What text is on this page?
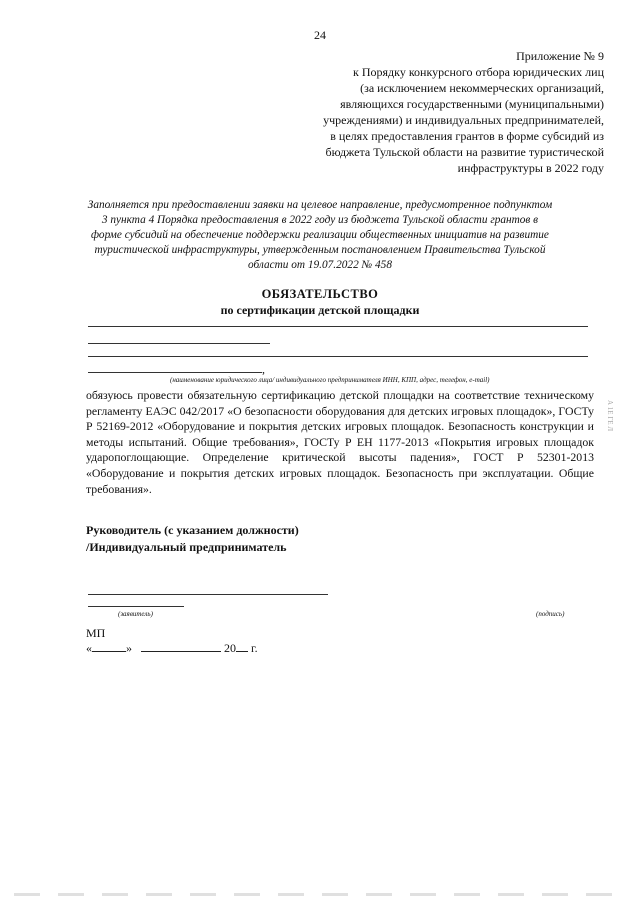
24
Приложение № 9
к Порядку конкурсного отбора юридических лиц
(за исключением некоммерческих организаций,
являющихся государственными (муниципальными)
учреждениями) и индивидуальных предпринимателей,
в целях предоставления грантов в форме субсидий из
бюджета Тульской области на развитие туристической
инфраструктуры в 2022 году
Заполняется при предоставлении заявки на целевое направление, предусмотренное подпунктом 3 пункта 4 Порядка предоставления в 2022 году из бюджета Тульской области грантов в форме субсидий на обеспечение поддержки реализации общественных инициатив на развитие туристической инфраструктуры, утвержденным постановлением Правительства Тульской области от 19.07.2022 № 458
ОБЯЗАТЕЛЬСТВО
по сертификации детской площадки
,
(наименование юридического лица/ индивидуального предпринимателя ИНН, КПП, адрес, телефон, e-mail)
обязуюсь провести обязательную сертификацию детской площадки на соответствие техническому регламенту ЕАЭС 042/2017 «О безопасности оборудования для детских игровых площадок», ГОСТу Р 52169-2012 «Оборудование и покрытия детских игровых площадок. Безопасность конструкции и методы испытаний. Общие требования», ГОСТу Р ЕН 1177-2013 «Покрытия игровых площадок ударопоглощающие. Определение критической высоты падения», ГОСТ Р 52301-2013 «Оборудование и покрытия детских игровых площадок. Безопасность при эксплуатации. Общие требования».
Руководитель (с указанием должности)
/Индивидуальный предприниматель
(заявитель)	(подпись)
МП
«	»	20 г.
А 1Е ГЕ Л
